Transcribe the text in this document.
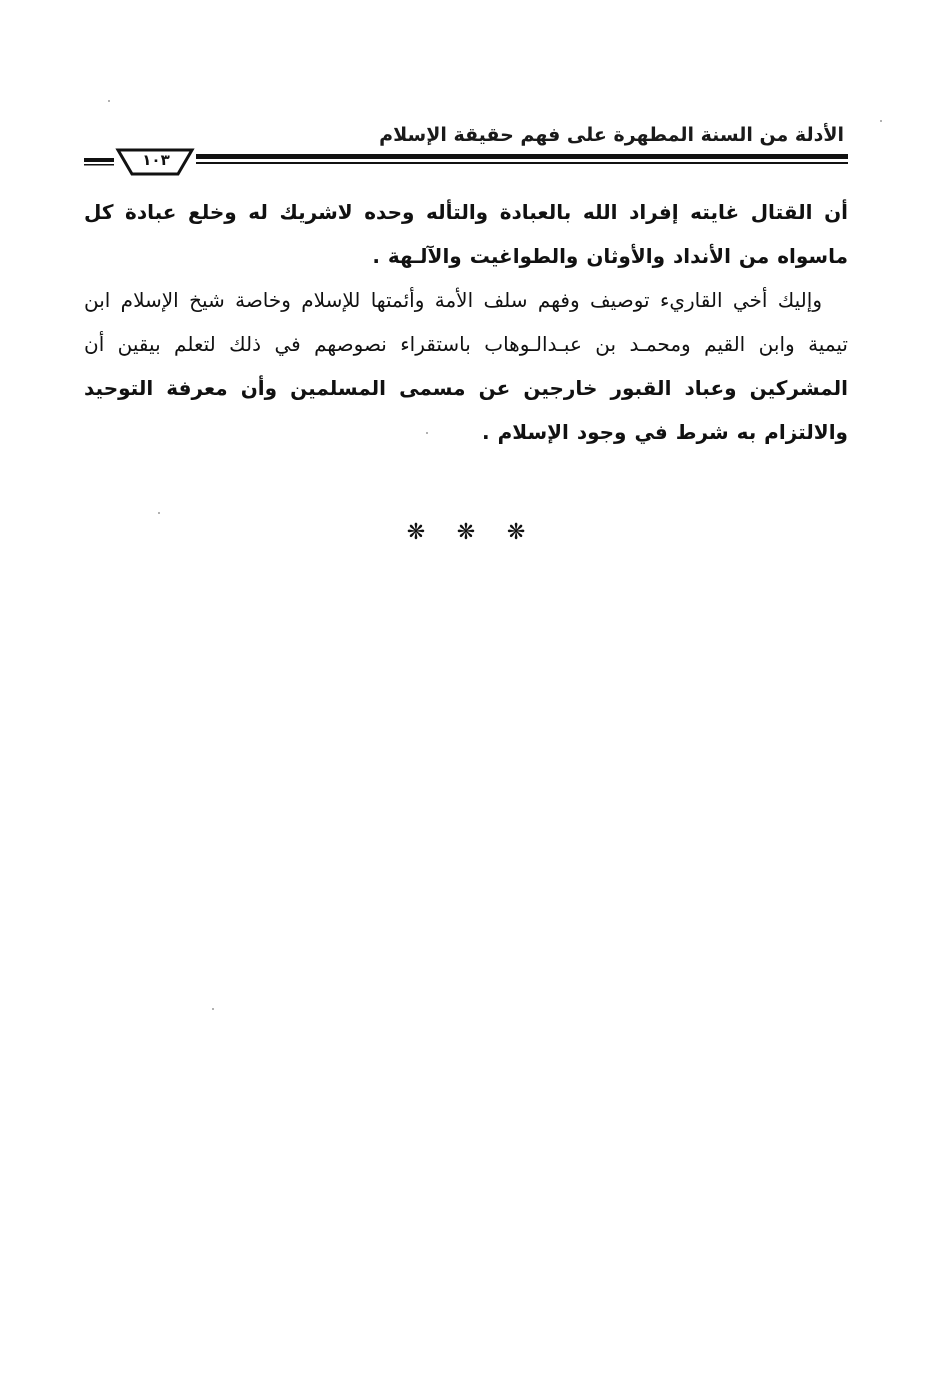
الأدلة من السنة المطهرة على فهم حقيقة الإسلام
١٠٣

أن القتال غايته إفراد الله بالعبادة والتأله وحده لاشريك له وخلع عبادة كل ماسواه من الأنداد والأوثان والطواغيت والآلـهة .

وإليك أخي القاريء توصيف وفهم سلف الأمة وأئمتها للإسلام وخاصة شيخ الإسلام ابن تيمية وابن القيم ومحمـد بن عبـدالـوهاب باستقراء نصوصهم في ذلك لتعلم بيقين أن المشركين وعباد القبور خارجين عن مسمى المسلمين وأن معرفة التوحيد والالتزام به شرط في وجود الإسلام .

❋ ❋ ❋
